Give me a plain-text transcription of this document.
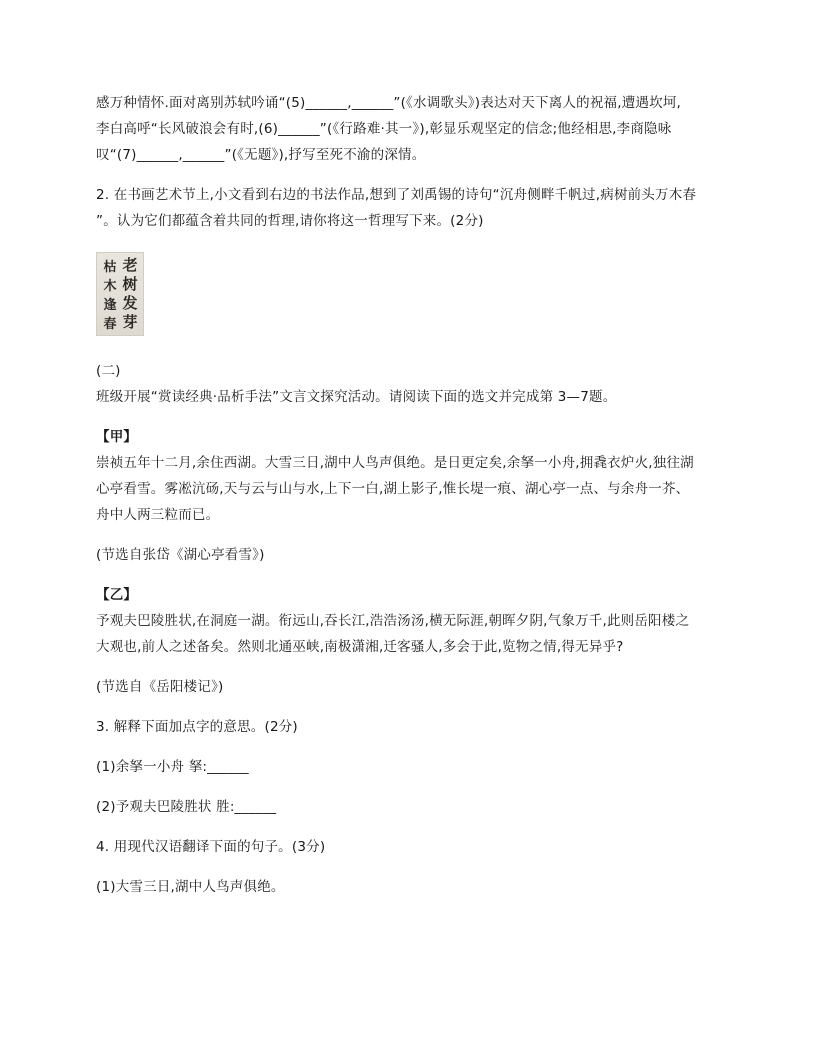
感万种情怀.面对离别苏轼吟诵“(5)______,______”(《水调歌头》)表达对天下离人的祝福,遭遇坎坷,

李白高呼“长风破浪会有时,(6)______”(《行路难·其一》),彰显乐观坚定的信念;他经相思,李商隐咏

叹“(7)______,______”(《无题》),抒写至死不渝的深情。

2. 在书画艺术节上,小文看到右边的书法作品,想到了刘禹锡的诗句“沉舟侧畔千帆过,病树前头万木春

”。认为它们都蕴含着共同的哲理,请你将这一哲理写下来。(2分)

老
树
发
芽
枯
木
逢
春

(二)

班级开展“赏读经典·品析手法”文言文探究活动。请阅读下面的选文并完成第 3—7题。

【甲】

崇祯五年十二月,余住西湖。大雪三日,湖中人鸟声俱绝。是日更定矣,余拏一小舟,拥毳衣炉火,独往湖

心亭看雪。雾凇沆砀,天与云与山与水,上下一白,湖上影子,惟长堤一痕、湖心亭一点、与余舟一芥、

舟中人两三粒而已。

(节选自张岱《湖心亭看雪》)

【乙】

予观夫巴陵胜状,在洞庭一湖。衔远山,吞长江,浩浩汤汤,横无际涯,朝晖夕阴,气象万千,此则岳阳楼之

大观也,前人之述备矣。然则北通巫峡,南极潇湘,迁客骚人,多会于此,览物之情,得无异乎?

(节选自《岳阳楼记》)

3. 解释下面加点字的意思。(2分)

(1)余拏一小舟 拏:______

(2)予观夫巴陵胜状 胜:______

4. 用现代汉语翻译下面的句子。(3分)

(1)大雪三日,湖中人鸟声俱绝。
